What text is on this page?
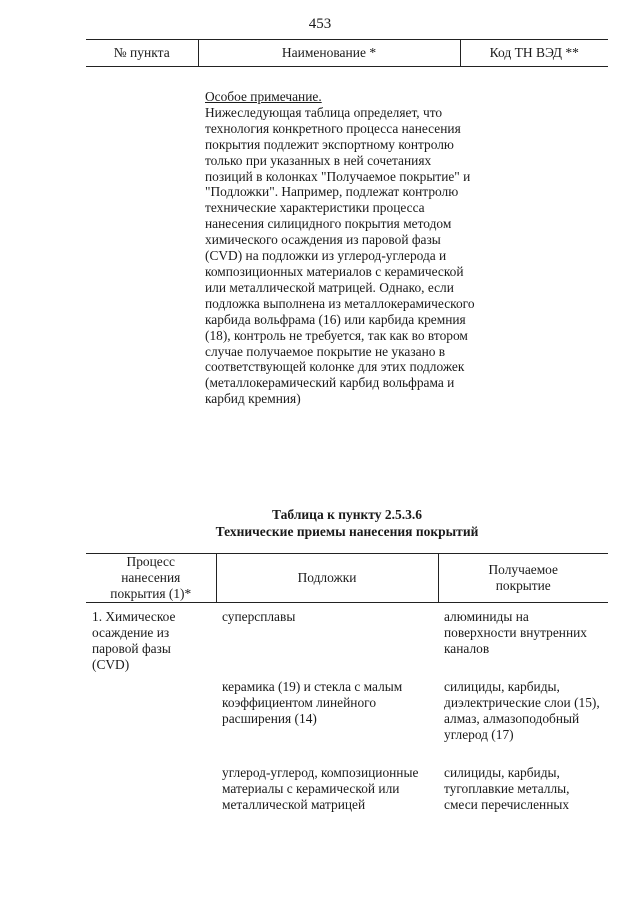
453
№ пункта	Наименование *	Код ТН ВЭД **
Особое примечание.
Нижеследующая таблица определяет, что технология конкретного процесса нанесения покрытия подлежит экспортному контролю только при указанных в ней сочетаниях позиций в колонках "Получаемое покрытие" и "Подложки". Например, подлежат контролю технические характеристики процесса нанесения силицидного покрытия методом химического осаждения из паровой фазы (CVD) на подложки из углерод-углерода и композиционных материалов с керамической или металлической матрицей. Однако, если подложка выполнена из металлокерамического карбида вольфрама (16) или карбида кремния (18), контроль не требуется, так как во втором случае получаемое покрытие не указано в соответствующей колонке для этих подложек (металлокерамический карбид вольфрама и карбид кремния)
Таблица к пункту 2.5.3.6
Технические приемы нанесения покрытий
Процесс нанесения покрытия (1)*	Подложки	Получаемое покрытие

1. Химическое осаждение из паровой фазы (CVD)	суперсплавы	алюминиды на поверхности внутренних каналов

	керамика (19) и стекла с малым коэффициентом линейного расширения (14)	силициды, карбиды, диэлектрические слои (15), алмаз, алмазоподобный углерод (17)

	углерод-углерод, композиционные материалы с керамической или металлической матрицей	силициды, карбиды, тугоплавкие металлы, смеси перечисленных
